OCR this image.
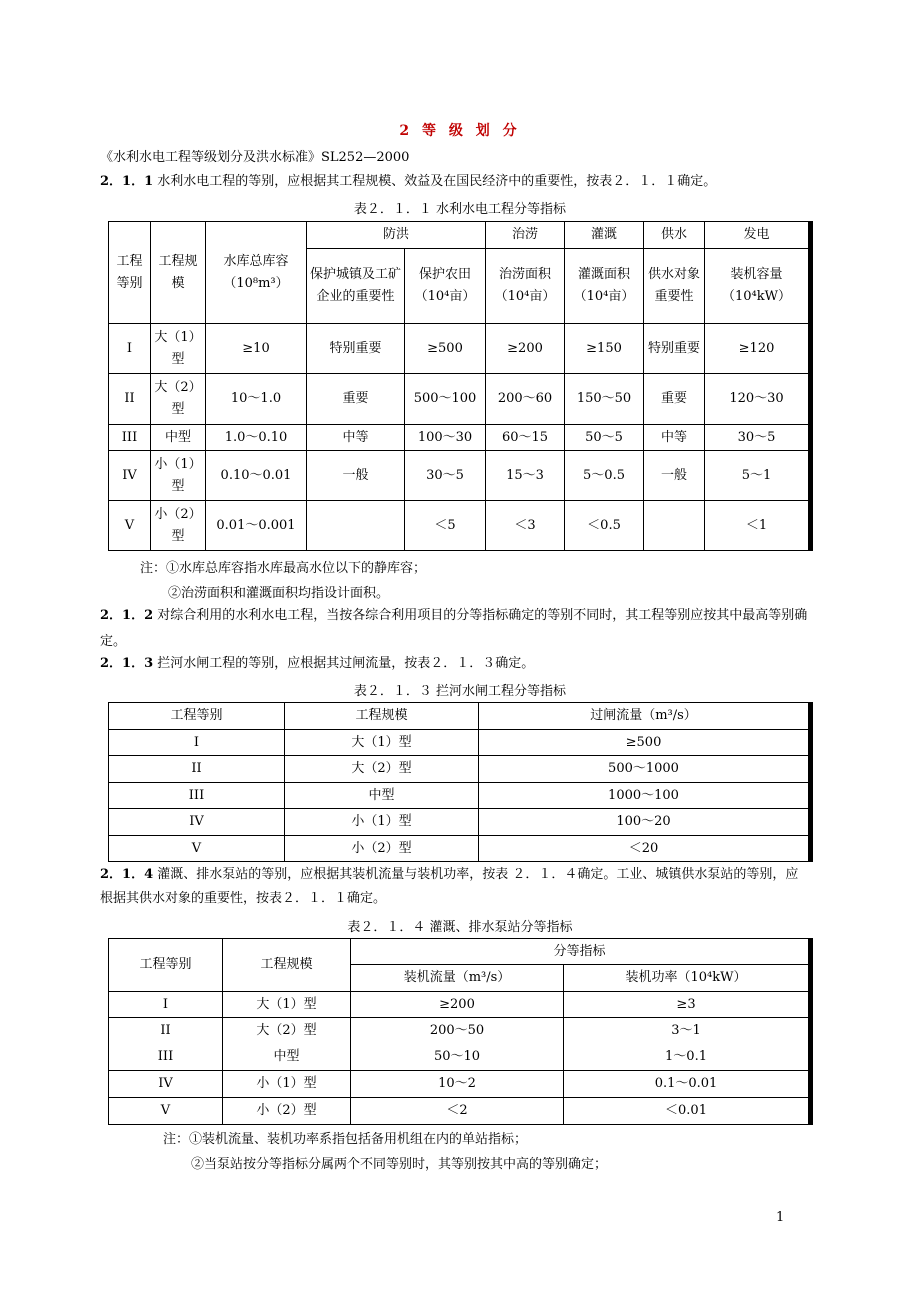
2 等 级 划 分
《水利水电工程等级划分及洪水标准》SL252—2000
2．1．1 水利水电工程的等别，应根据其工程规模、效益及在国民经济中的重要性，按表２．１．１确定。
表２．１．１ 水利水电工程分等指标
工程等别	工程规模	水库总库容（10⁸m³）	防洪		治涝	灌溉	供水	发电
			保护城镇及工矿企业的重要性	保护农田（10⁴亩）	治涝面积（10⁴亩）	灌溉面积（10⁴亩）	供水对象重要性	装机容量（10⁴kW）
I	大（1）型	≥10	特别重要	≥500	≥200	≥150	特别重要	≥120
II	大（2）型	10～1.0	重要	500～100	200～60	150～50	重要	120～30
III	中型	1.0～0.10	中等	100～30	60～15	50～5	中等	30～5
IV	小（1）型	0.10～0.01	一般	30～5	15～3	5～0.5	一般	5～1
V	小（2）型	0.01～0.001		＜5	＜3	＜0.5		＜1
注：①水库总库容指水库最高水位以下的静库容；
②治涝面积和灌溉面积均指设计面积。
2．1．2 对综合利用的水利水电工程，当按各综合利用项目的分等指标确定的等别不同时，其工程等别应按其中最高等别确定。
2．1．3 拦河水闸工程的等别，应根据其过闸流量，按表２．１．３确定。
表２．１．３ 拦河水闸工程分等指标
工程等别	工程规模	过闸流量（m³/s）
I	大（1）型	≥500
II	大（2）型	500～1000
III	中型	1000～100
IV	小（1）型	100～20
V	小（2）型	＜20
2．1．4 灌溉、排水泵站的等别，应根据其装机流量与装机功率，按表 ２．１．４确定。工业、城镇供水泵站的等别，应
根据其供水对象的重要性，按表２．１．１确定。
表２．１．４ 灌溉、排水泵站分等指标
工程等别	工程规模	分等指标	
		装机流量（m³/s）	装机功率（10⁴kW）
I	大（1）型	≥200	≥3
II	大（2）型	200～50	3～1
III	中型	50～10	1～0.1
IV	小（1）型	10～2	0.1～0.01
V	小（2）型	＜2	＜0.01
注：①装机流量、装机功率系指包括备用机组在内的单站指标；
②当泵站按分等指标分属两个不同等别时，其等别按其中高的等别确定；
1
